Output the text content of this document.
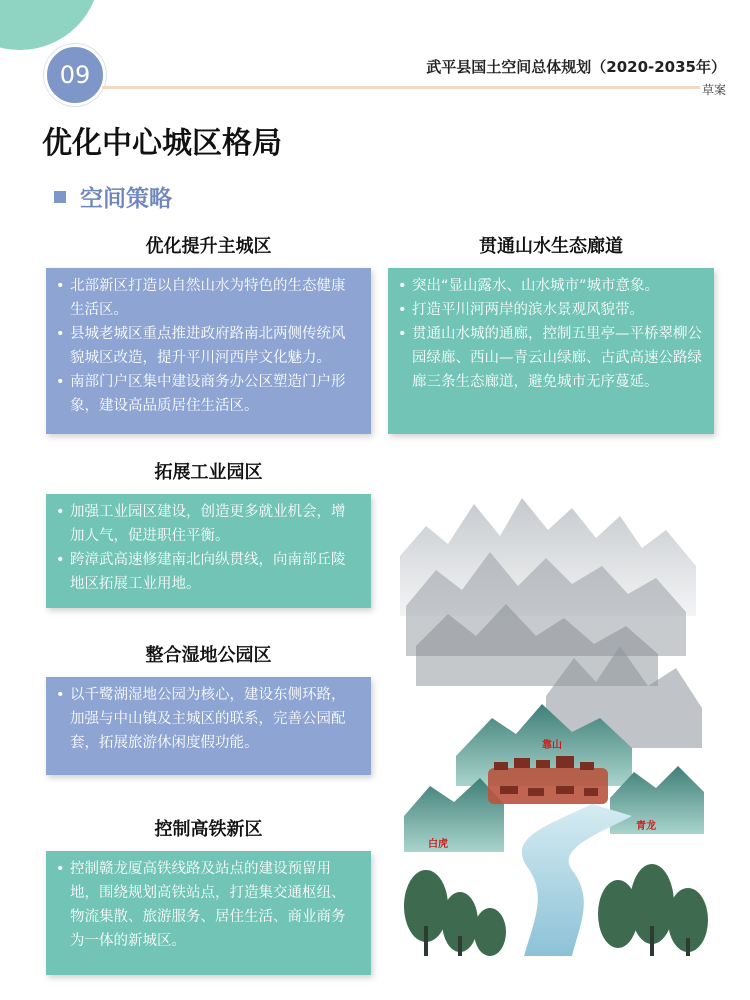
09	武平县国土空间总体规划（2020-2035年）
草案
优化中心城区格局
空间策略
优化提升主城区
• 北部新区打造以自然山水为特色的生态健康生活区。
• 县城老城区重点推进政府路南北两侧传统风貌城区改造，提升平川河西岸文化魅力。
• 南部门户区集中建设商务办公区塑造门户形象，建设高品质居住生活区。
贯通山水生态廊道
• 突出“显山露水、山水城市”城市意象。
• 打造平川河两岸的滨水景观风貌带。
• 贯通山水城的通廊，控制五里亭—平桥翠柳公园绿廊、西山—青云山绿廊、古武高速公路绿廊三条生态廊道，避免城市无序蔓延。
拓展工业园区
• 加强工业园区建设，创造更多就业机会，增加人气，促进职住平衡。
• 跨漳武高速修建南北向纵贯线，向南部丘陵地区拓展工业用地。
整合湿地公园区
• 以千鹭湖湿地公园为核心，建设东侧环路，加强与中山镇及主城区的联系，完善公园配套，拓展旅游休闲度假功能。
控制高铁新区
• 控制赣龙厦高铁线路及站点的建设预留用地，围绕规划高铁站点，打造集交通枢纽、物流集散、旅游服务、居住生活、商业商务为一体的新城区。
靠山
白虎
青龙
